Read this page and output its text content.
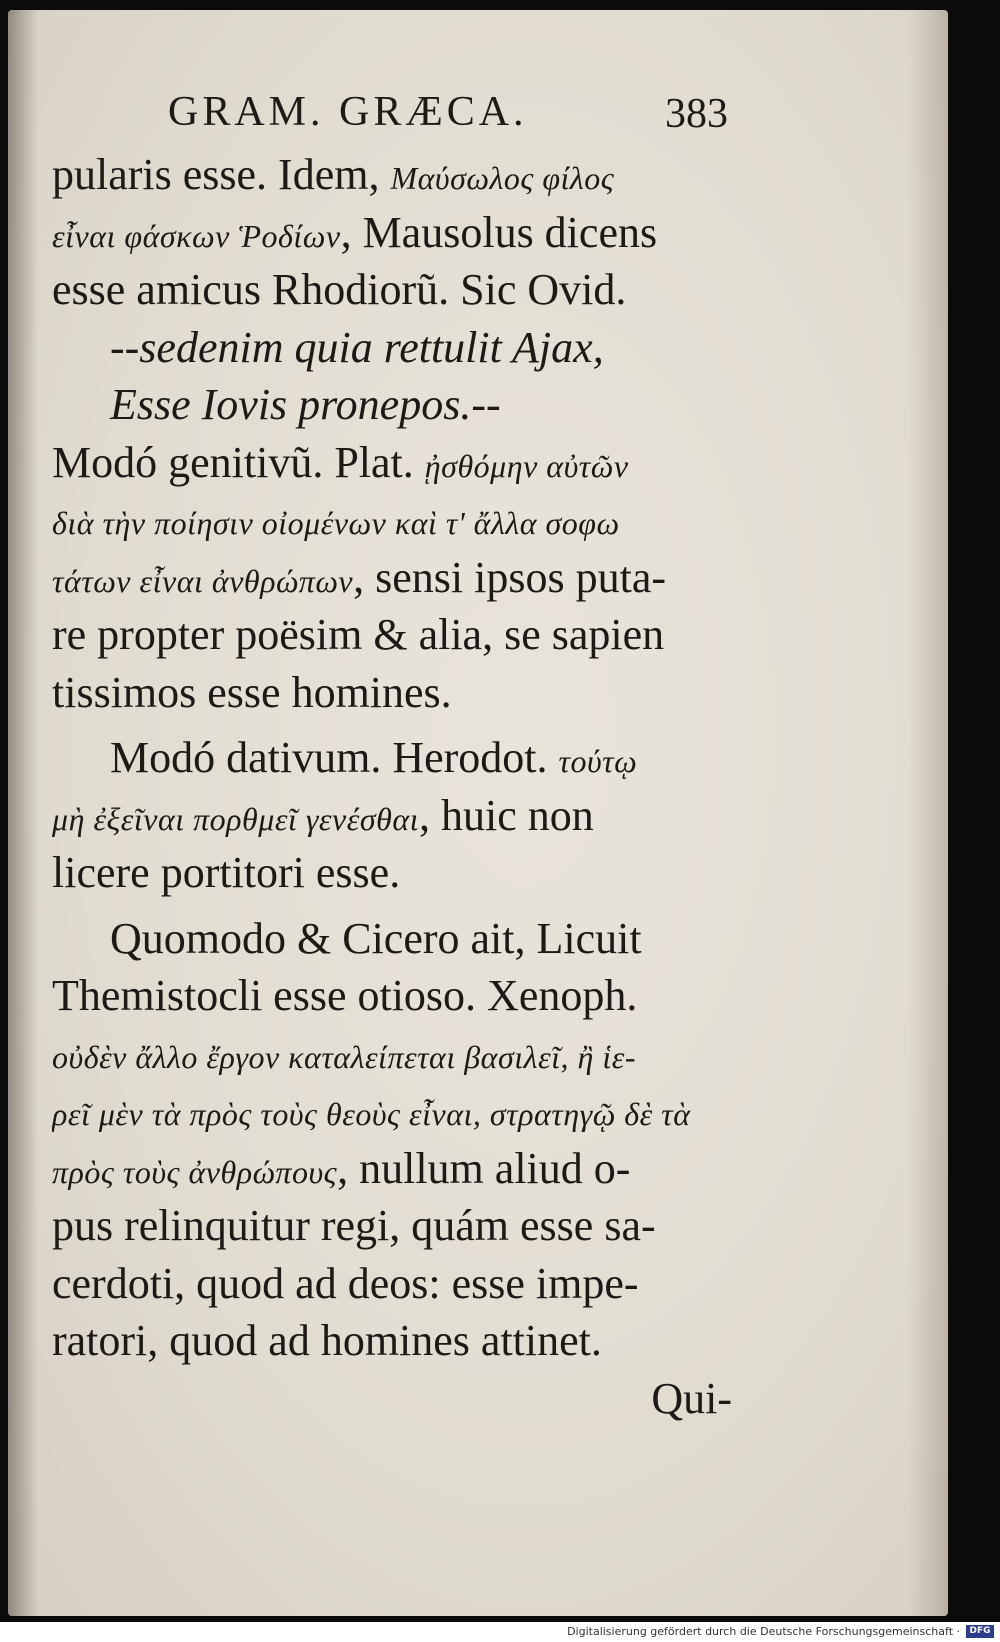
GRAM. GRÆCA.	383
pularis esse. Idem, Μαύσωλος φίλος
εἶναι φάσκων Ῥοδίων, Mausolus dicens
esse amicus Rhodiorũ. Sic Ovid.
--sedenim quia rettulit Ajax,
Esse Iovis pronepos.--
Modó genitivũ. Plat. ᾐσθόμην αὐτῶν
διὰ τὴν ποίησιν οἰομένων καὶ τ' ἄλλα σοφω
τάτων εἶναι ἀνθρώπων, sensi ipsos puta-
re propter poësim & alia, se sapien
tissimos esse homines.
Modó dativum. Herodot. τούτῳ
μὴ ἐξεῖναι πορθμεῖ γενέσθαι, huic non
licere portitori esse.
Quomodo & Cicero ait, Licuit
Themistocli esse otioso. Xenoph.
οὐδὲν ἄλλο ἔργον καταλείπεται βασιλεῖ, ἢ ἱε-
ρεῖ μὲν τὰ πρὸς τοὺς θεοὺς εἶναι, στρατηγῷ δὲ τὰ
πρὸς τοὺς ἀνθρώπους, nullum aliud o-
pus relinquitur regi, quám esse sa-
cerdoti, quod ad deos: esse impe-
ratori, quod ad homines attinet.
Qui-
Digitalisierung gefördert durch die Deutsche Forschungsgemeinschaft ·	DFG
